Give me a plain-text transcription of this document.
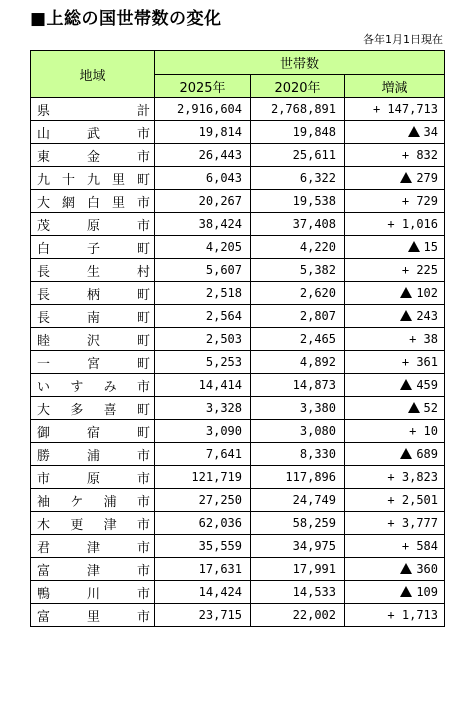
■上総の国世帯数の変化
各年1月1日現在
地域	世帯数		
	2025年	2020年	増減

県 計	2,916,604	2,768,891	+ 147,713

山 武 市	19,814	19,848	34

東 金 市	26,443	25,611	+ 832

九 十 九 里 町	6,043	6,322	279

大 網 白 里 市	20,267	19,538	+ 729

茂 原 市	38,424	37,408	+ 1,016

白 子 町	4,205	4,220	15

長 生 村	5,607	5,382	+ 225

長 柄 町	2,518	2,620	102

長 南 町	2,564	2,807	243

睦 沢 町	2,503	2,465	+ 38

一 宮 町	5,253	4,892	+ 361

い す み 市	14,414	14,873	459

大 多 喜 町	3,328	3,380	52

御 宿 町	3,090	3,080	+ 10

勝 浦 市	7,641	8,330	689

市 原 市	121,719	117,896	+ 3,823

袖 ケ 浦 市	27,250	24,749	+ 2,501

木 更 津 市	62,036	58,259	+ 3,777

君 津 市	35,559	34,975	+ 584

富 津 市	17,631	17,991	360

鴨 川 市	14,424	14,533	109

富 里 市	23,715	22,002	+ 1,713
